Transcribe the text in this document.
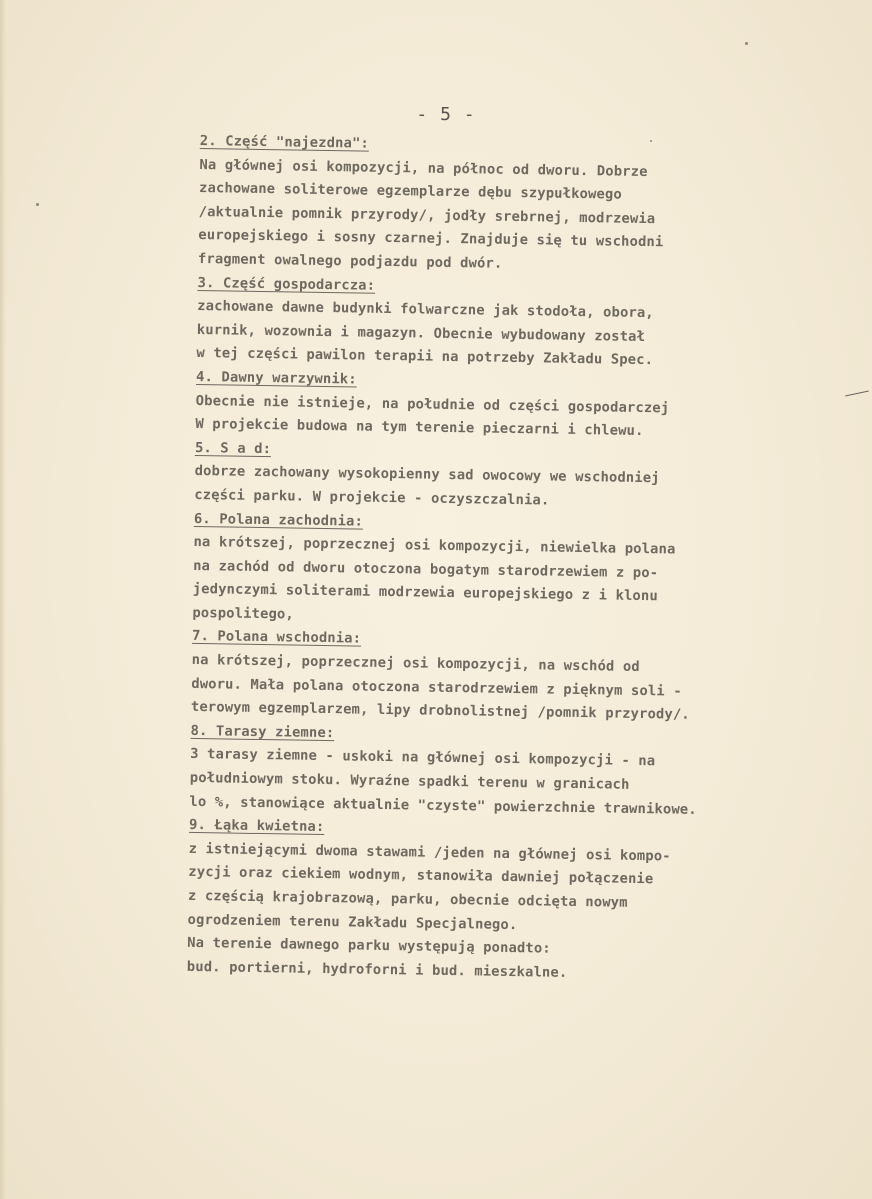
- 5 -
2. Część "najezdna":
Na głównej osi kompozycji, na północ od dworu. Dobrze
zachowane soliterowe egzemplarze dębu szypułkowego
/aktualnie pomnik przyrody/, jodły srebrnej, modrzewia
europejskiego i sosny czarnej. Znajduje się tu wschodni
fragment owalnego podjazdu pod dwór.
3. Część gospodarcza:
zachowane dawne budynki folwarczne jak stodoła, obora,
kurnik, wozownia i magazyn. Obecnie wybudowany został
w tej części pawilon terapii na potrzeby Zakładu Spec.
4. Dawny warzywnik:
Obecnie nie istnieje, na południe od części gospodarczej
W projekcie budowa na tym terenie pieczarni i chlewu.
5. S a d:
dobrze zachowany wysokopienny sad owocowy we wschodniej
części parku. W projekcie - oczyszczalnia.
6. Polana zachodnia:
na krótszej, poprzecznej osi kompozycji, niewielka polana
na zachód od dworu otoczona bogatym starodrzewiem z po-
jedynczymi soliterami modrzewia europejskiego z i klonu
pospolitego,
7. Polana wschodnia:
na krótszej, poprzecznej osi kompozycji, na wschód od
dworu. Mała polana otoczona starodrzewiem z pięknym soli -
terowym egzemplarzem, lipy drobnolistnej /pomnik przyrody/.
8. Tarasy ziemne:
3 tarasy ziemne - uskoki na głównej osi kompozycji - na
południowym stoku. Wyraźne spadki terenu w granicach
lo %, stanowiące aktualnie "czyste" powierzchnie trawnikowe.
9. Łąka kwietna:
z istniejącymi dwoma stawami /jeden na głównej osi kompo-
zycji oraz ciekiem wodnym, stanowiła dawniej połączenie
z częścią krajobrazową, parku, obecnie odcięta nowym
ogrodzeniem terenu Zakładu Specjalnego.
Na terenie dawnego parku występują ponadto:
bud. portierni, hydroforni i bud. mieszkalne.
